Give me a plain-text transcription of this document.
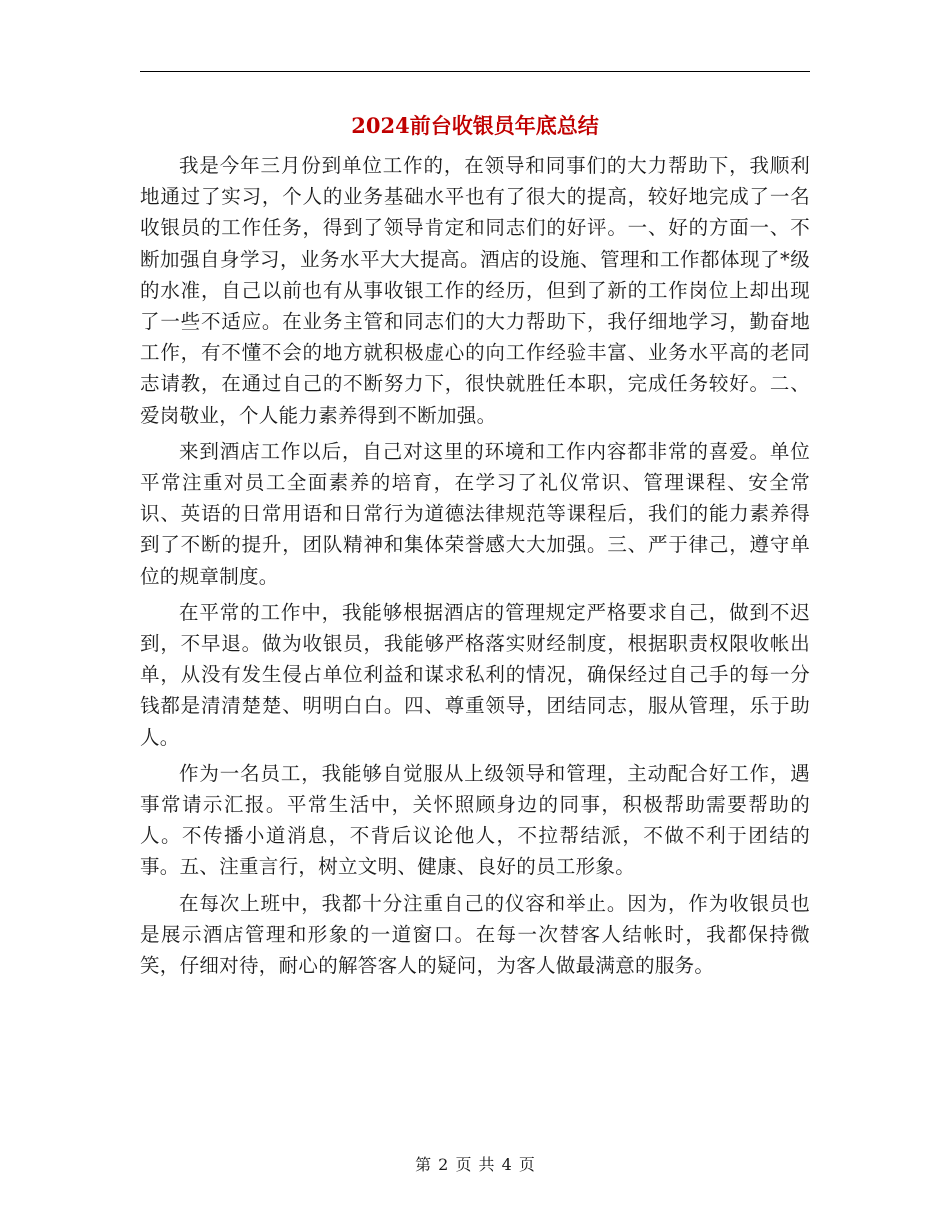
2024前台收银员年底总结

我是今年三月份到单位工作的，在领导和同事们的大力帮助下，我顺利地通过了实习，个人的业务基础水平也有了很大的提高，较好地完成了一名收银员的工作任务，得到了领导肯定和同志们的好评。一、好的方面一、不断加强自身学习，业务水平大大提高。酒店的设施、管理和工作都体现了*级的水准，自己以前也有从事收银工作的经历，但到了新的工作岗位上却出现了一些不适应。在业务主管和同志们的大力帮助下，我仔细地学习，勤奋地工作，有不懂不会的地方就积极虚心的向工作经验丰富、业务水平高的老同志请教，在通过自己的不断努力下，很快就胜任本职，完成任务较好。二、爱岗敬业，个人能力素养得到不断加强。

来到酒店工作以后，自己对这里的环境和工作内容都非常的喜爱。单位平常注重对员工全面素养的培育，在学习了礼仪常识、管理课程、安全常识、英语的日常用语和日常行为道德法律规范等课程后，我们的能力素养得到了不断的提升，团队精神和集体荣誉感大大加强。三、严于律己，遵守单位的规章制度。

在平常的工作中，我能够根据酒店的管理规定严格要求自己，做到不迟到，不早退。做为收银员，我能够严格落实财经制度，根据职责权限收帐出单，从没有发生侵占单位利益和谋求私利的情况，确保经过自己手的每一分钱都是清清楚楚、明明白白。四、尊重领导，团结同志，服从管理，乐于助人。

作为一名员工，我能够自觉服从上级领导和管理，主动配合好工作，遇事常请示汇报。平常生活中，关怀照顾身边的同事，积极帮助需要帮助的人。不传播小道消息，不背后议论他人，不拉帮结派，不做不利于团结的事。五、注重言行，树立文明、健康、良好的员工形象。

在每次上班中，我都十分注重自己的仪容和举止。因为，作为收银员也是展示酒店管理和形象的一道窗口。在每一次替客人结帐时，我都保持微笑，仔细对待，耐心的解答客人的疑问，为客人做最满意的服务。

第 2 页 共 4 页
